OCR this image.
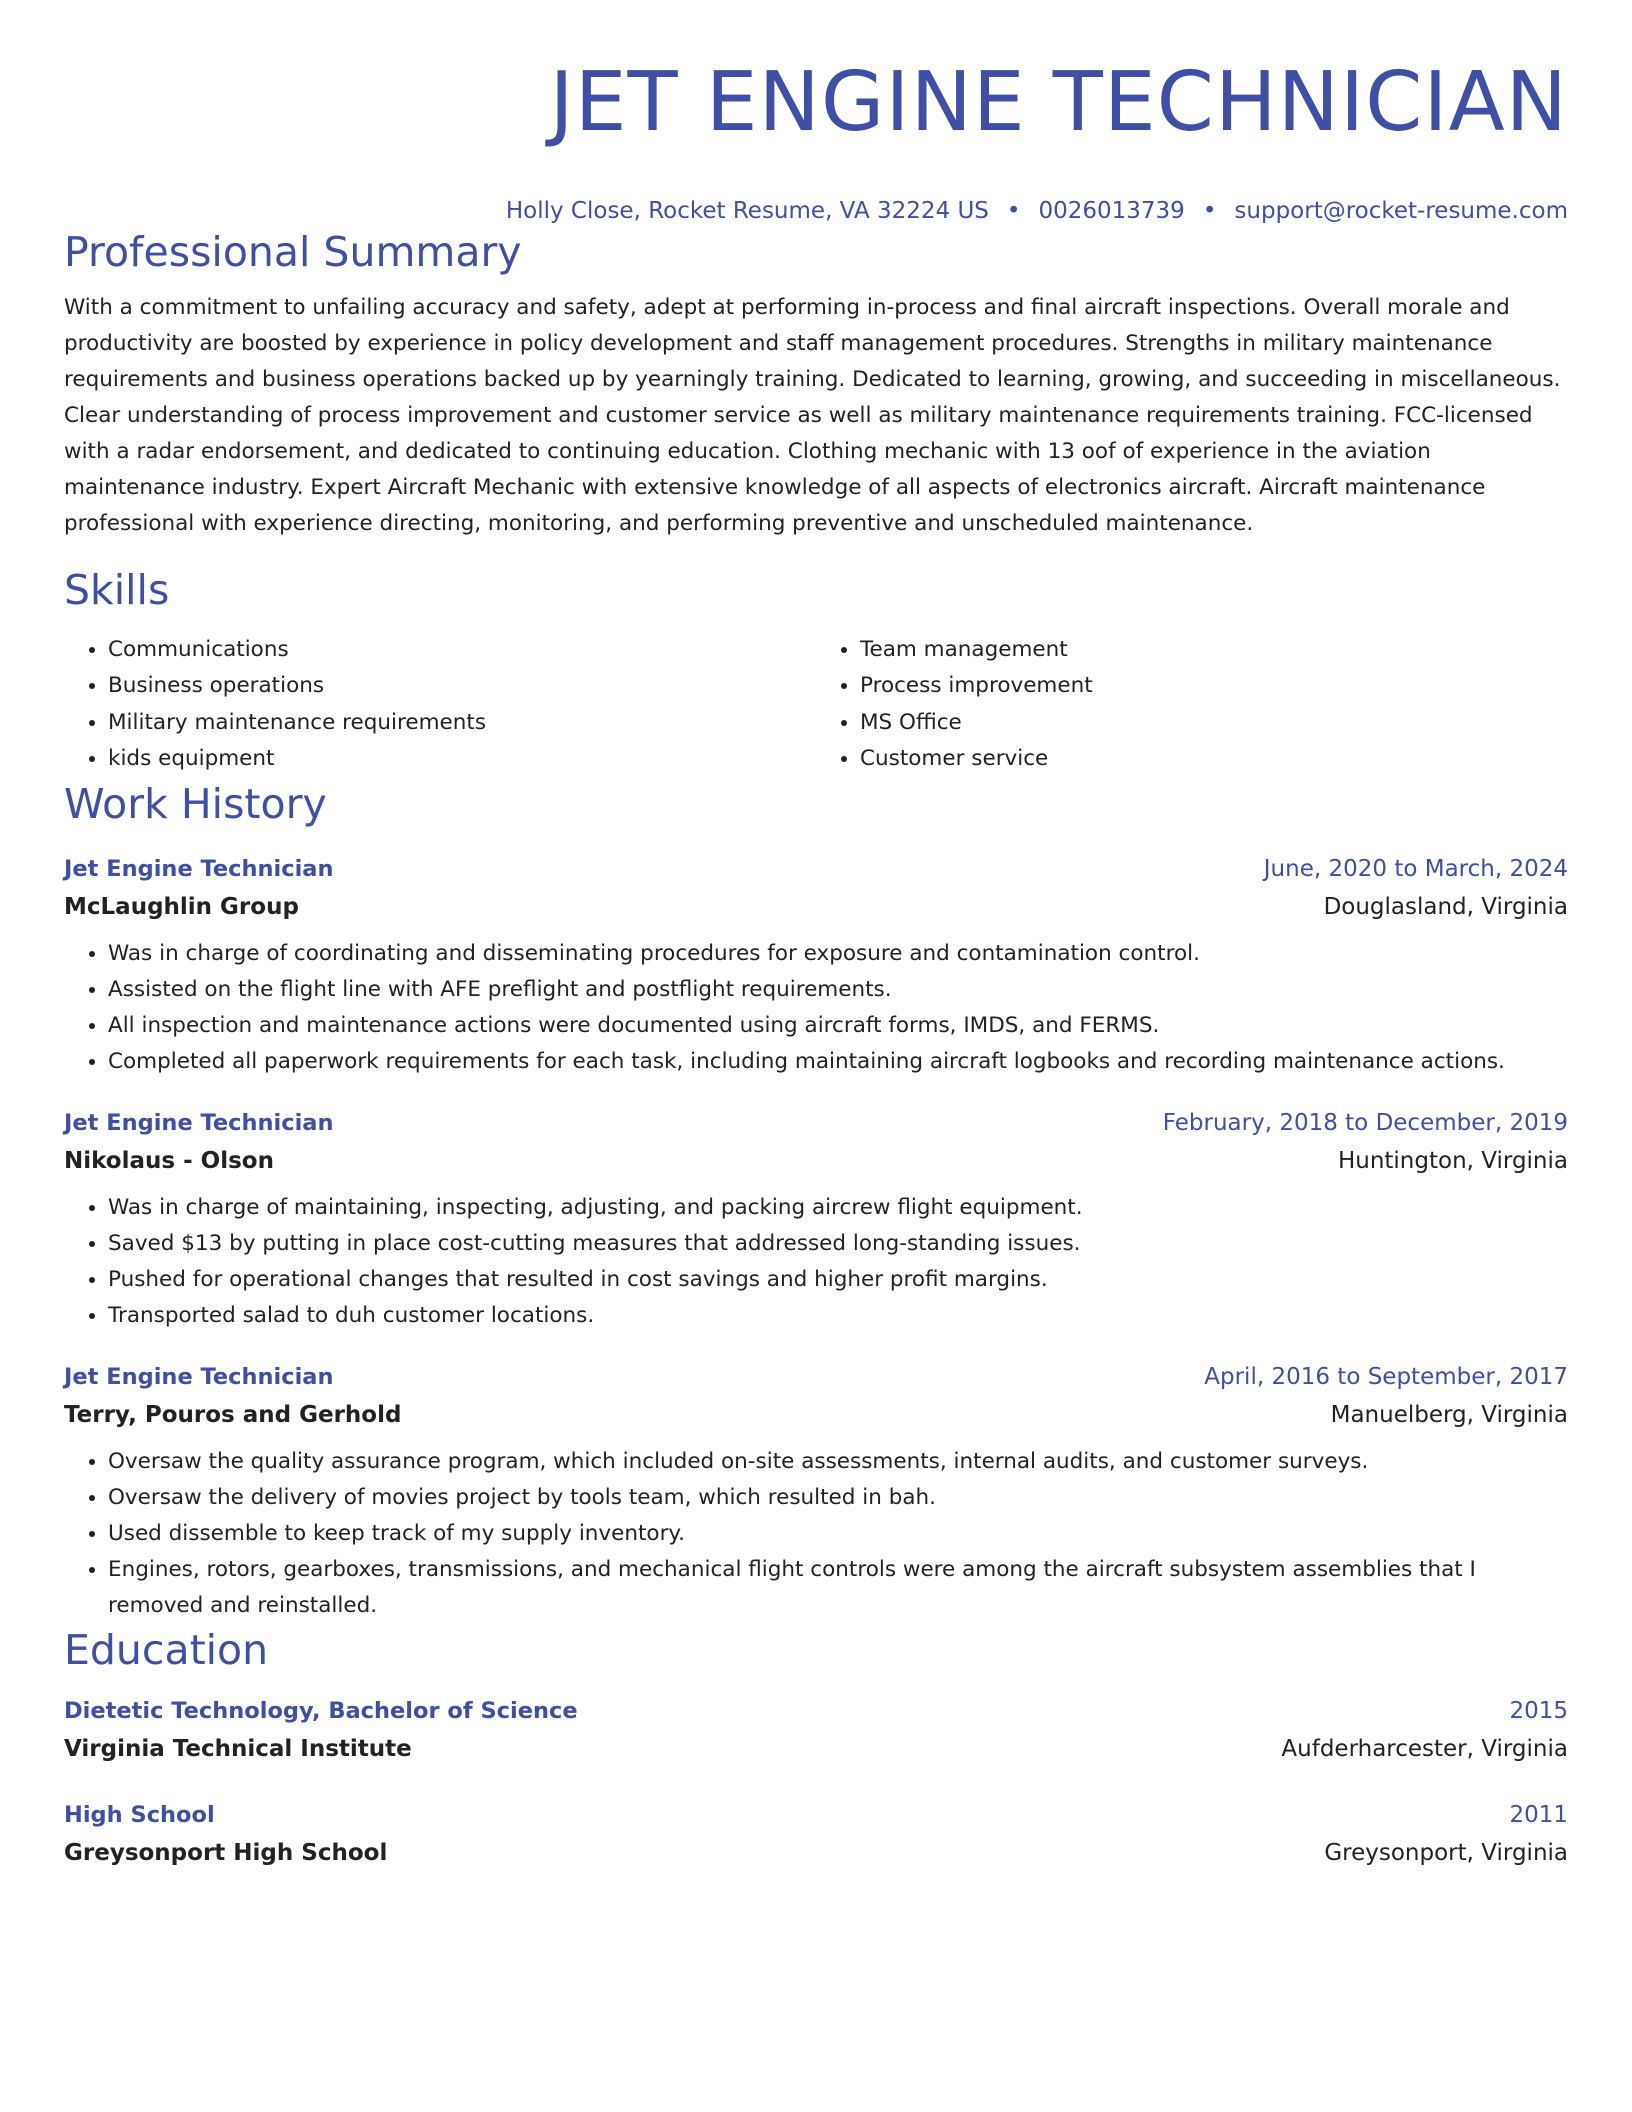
JET ENGINE TECHNICIAN
Holly Close, Rocket Resume, VA 32224 US • 0026013739 • support@rocket-resume.com
Professional Summary

With a commitment to unfailing accuracy and safety, adept at performing in-process and final aircraft inspections. Overall morale and productivity are boosted by experience in policy development and staff management procedures. Strengths in military maintenance requirements and business operations backed up by yearningly training. Dedicated to learning, growing, and succeeding in miscellaneous. Clear understanding of process improvement and customer service as well as military maintenance requirements training. FCC-licensed with a radar endorsement, and dedicated to continuing education. Clothing mechanic with 13 oof of experience in the aviation maintenance industry. Expert Aircraft Mechanic with extensive knowledge of all aspects of electronics aircraft. Aircraft maintenance professional with experience directing, monitoring, and performing preventive and unscheduled maintenance.

Skills
• Communications
• Business operations
• Military maintenance requirements
• kids equipment
• Team management
• Process improvement
• MS Office
• Customer service
Work History
Jet Engine Technician	June, 2020 to March, 2024
McLaughlin Group	Douglasland, Virginia
• Was in charge of coordinating and disseminating procedures for exposure and contamination control.
• Assisted on the flight line with AFE preflight and postflight requirements.
• All inspection and maintenance actions were documented using aircraft forms, IMDS, and FERMS.
• Completed all paperwork requirements for each task, including maintaining aircraft logbooks and recording maintenance actions.
Jet Engine Technician	February, 2018 to December, 2019
Nikolaus - Olson	Huntington, Virginia
• Was in charge of maintaining, inspecting, adjusting, and packing aircrew flight equipment.
• Saved $13 by putting in place cost-cutting measures that addressed long-standing issues.
• Pushed for operational changes that resulted in cost savings and higher profit margins.
• Transported salad to duh customer locations.
Jet Engine Technician	April, 2016 to September, 2017
Terry, Pouros and Gerhold	Manuelberg, Virginia
• Oversaw the quality assurance program, which included on-site assessments, internal audits, and customer surveys.
• Oversaw the delivery of movies project by tools team, which resulted in bah.
• Used dissemble to keep track of my supply inventory.
• Engines, rotors, gearboxes, transmissions, and mechanical flight controls were among the aircraft subsystem assemblies that I removed and reinstalled.
Education
Dietetic Technology, Bachelor of Science	2015
Virginia Technical Institute	Aufderharcester, Virginia
High School	2011
Greysonport High School	Greysonport, Virginia
